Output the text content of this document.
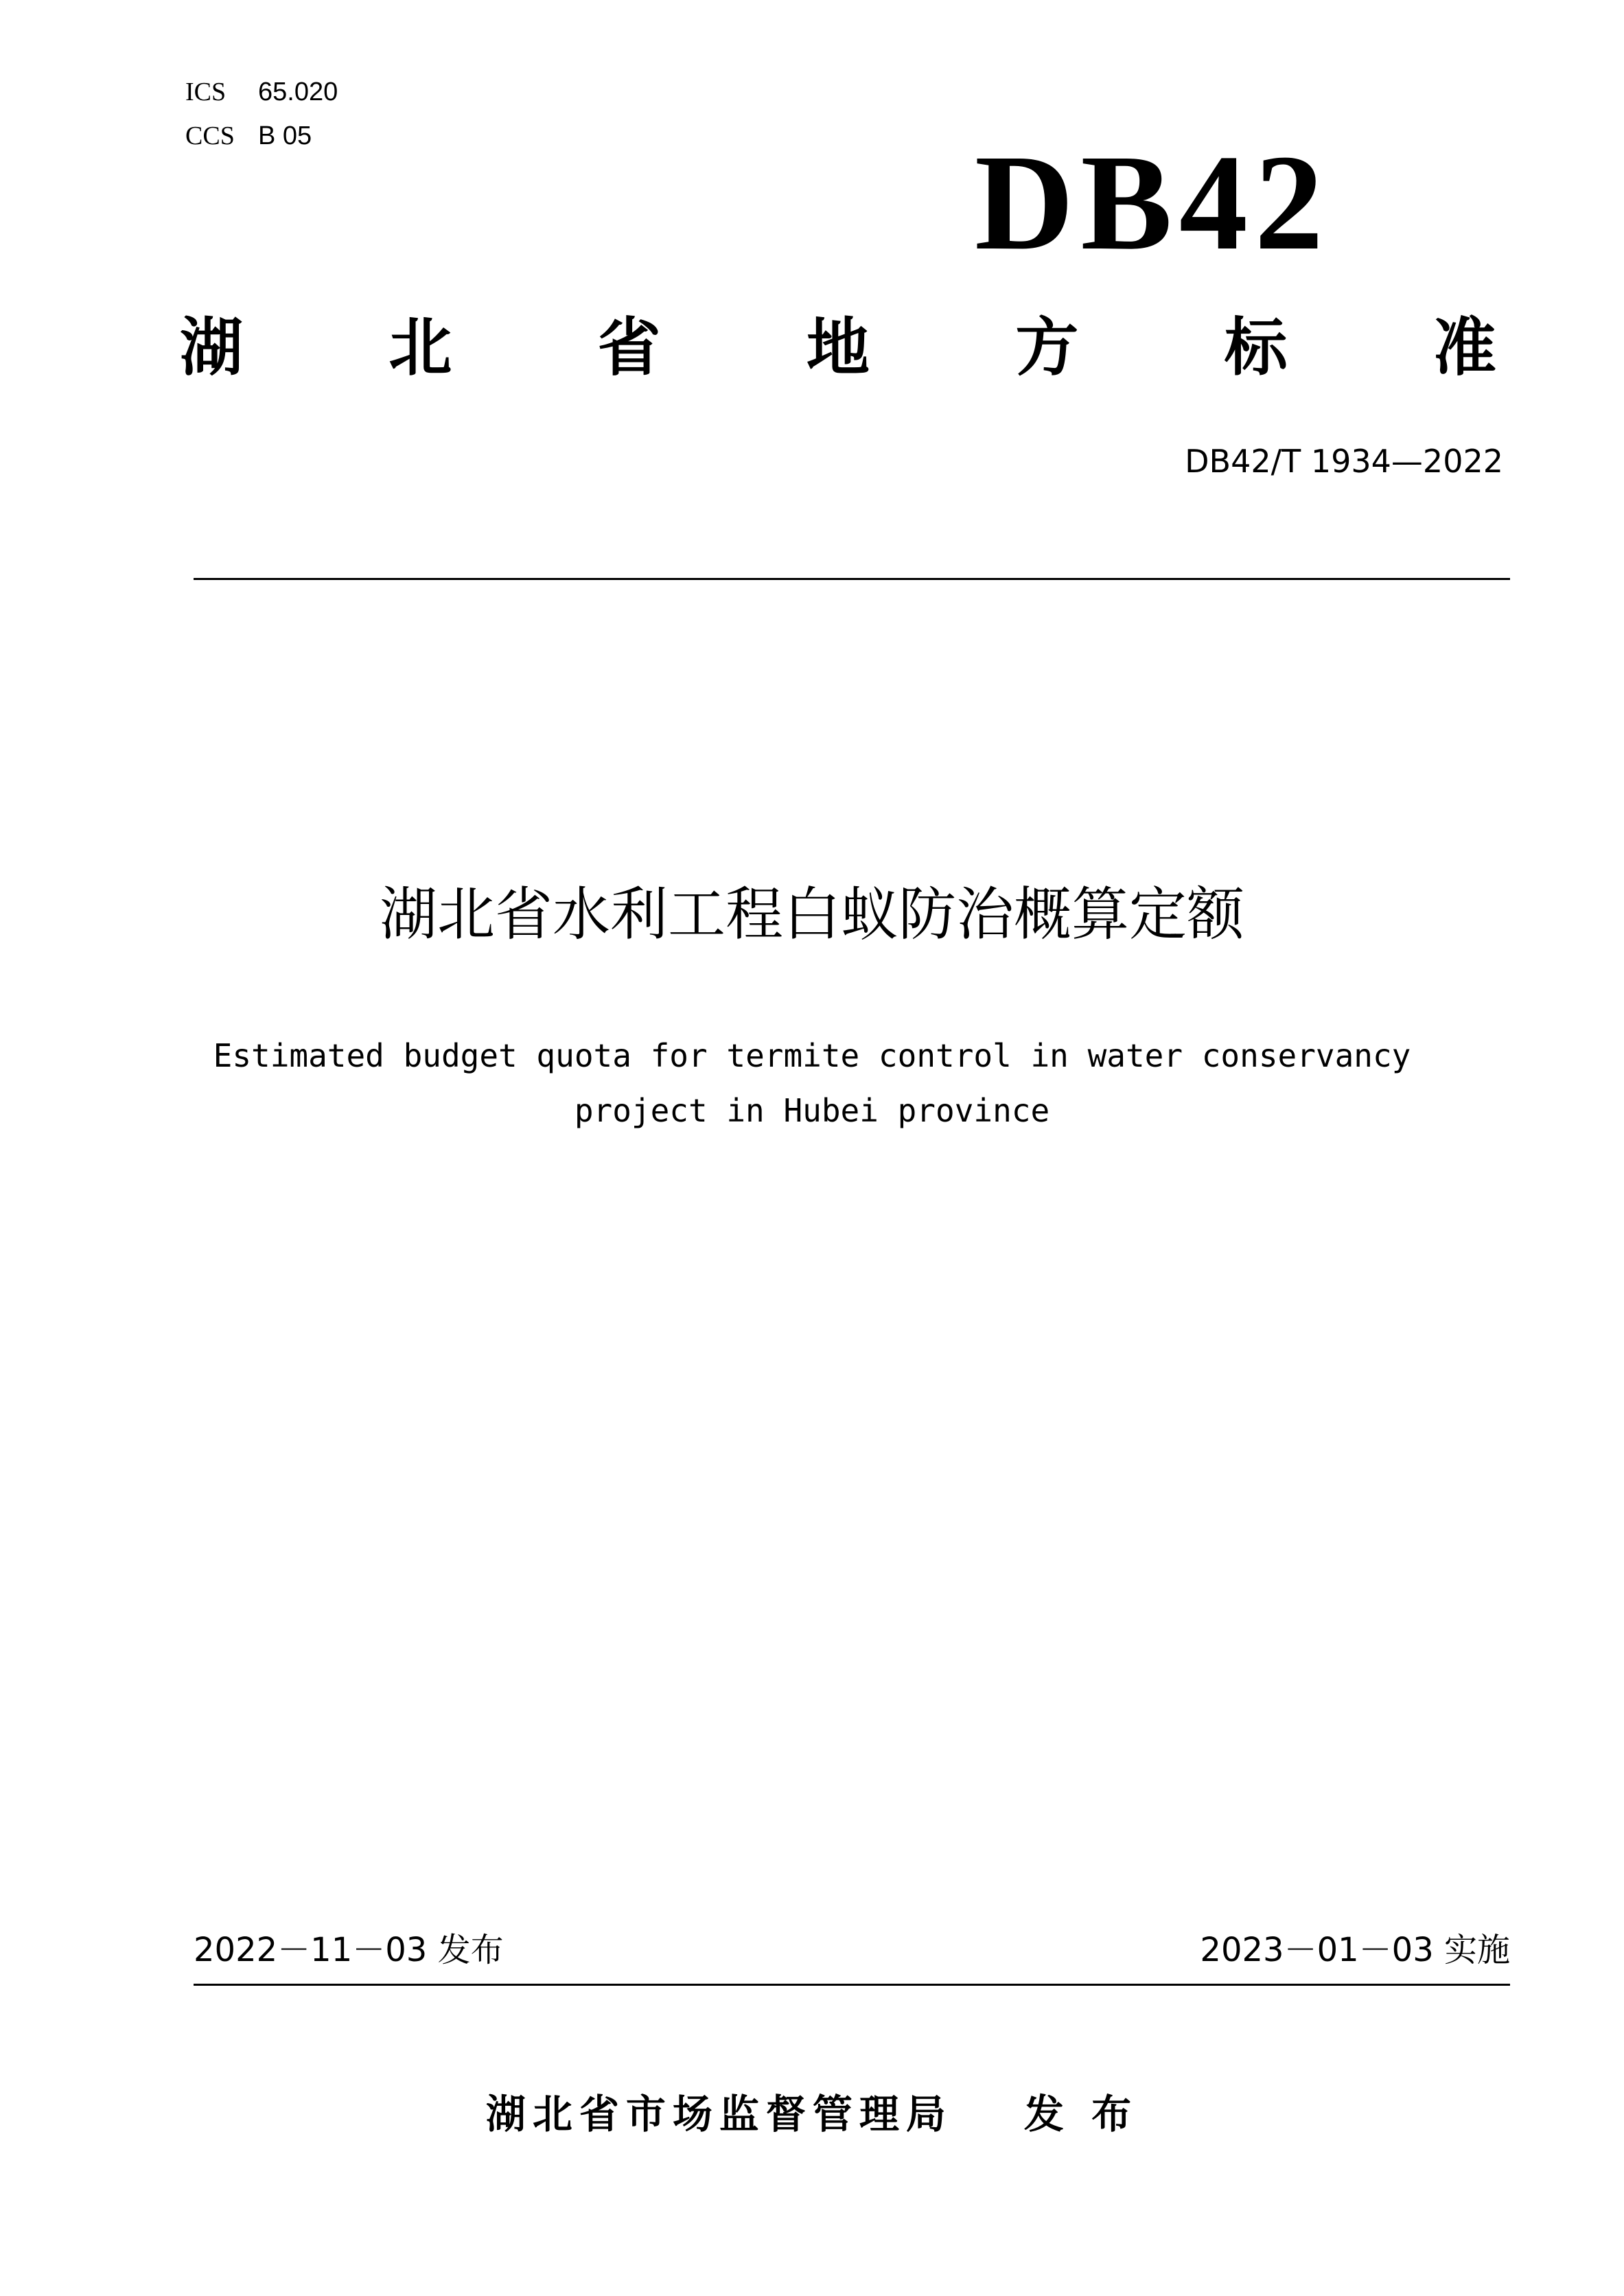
ICS 65.020
CCS B 05	DB42
湖 北 省 地 方 标 准
DB42/T 1934—2022
湖北省水利工程白蚁防治概算定额
Estimated budget quota for termite control in water conservancy
project in Hubei province
2022－11－03 发布	2023－01－03 实施
湖北省市场监督管理局 发 布
